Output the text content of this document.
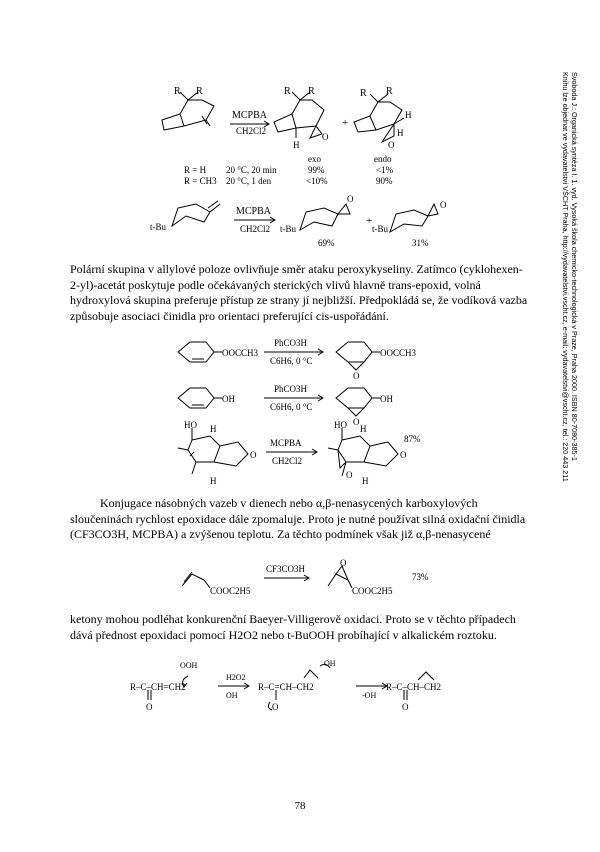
Svoboda J.: Organická syntéza I. 1. vyd. Vysoká škola chemicko-technologická v Praze, Praha 2000. ISBN 80-7080-385-1
Knihu lze objednat ve vydavatelství VŠCHT Praha, http://vydavatelstvi.vscht.cz, e-mail: vydavatelstvi@vscht.cz, tel.: 220 443 211
R R
MCPBA
CH2Cl2
R R
O
H
+
R R
H
H
O
exo	endo
R = H 20 °C, 20 min	99%	<1%
R = CH3 20 °C, 1 den	<10%	90%
t-Bu
MCPBA
CH2Cl2 t-Bu
O
+
t-Bu
O
69%	31%
Polární skupina v allylové poloze ovlivňuje směr ataku peroxykyseliny. Zatímco (cyklohexen-
2-yl)-acetát poskytuje podle očekávaných sterických vlivů hlavně trans-epoxid, volná
hydroxylová skupina preferuje přístup ze strany jí nejbližší. Předpokládá se, že vodíková vazba
způsobuje asociaci činidla pro orientaci preferující cis-uspořádání.
OOCCH3
PhCO3H
C6H6, 0 °C
OOCCH3
O
OH
PhCO3H
C6H6, 0 °C
OH
O
HO H
O
H
MCPBA
CH2Cl2
HO H
O
O
H
87%
Konjugace násobných vazeb v dienech nebo α,β-nenasycených karboxylových
sloučeninách rychlost epoxidace dále zpomaluje. Proto je nutné používat silná oxidační činidla
(CF3CO3H, MCPBA) a zvýšenou teplotu. Za těchto podmínek však již α,β-nenasycené
COOC2H5
CF3CO3H
O
COOC2H5
73%
ketony mohou podléhat konkurenční Baeyer-Villigerově oxidaci. Proto se v těchto případech
dává přednost epoxidaci pomocí H2O2 nebo t-BuOOH probíhající v alkalickém roztoku.
OOH
R–C–CH=CH2
O
H2O2
OH
R–C=CH–CH2
O
OH
-OH
R–C–CH–CH2
O
78
